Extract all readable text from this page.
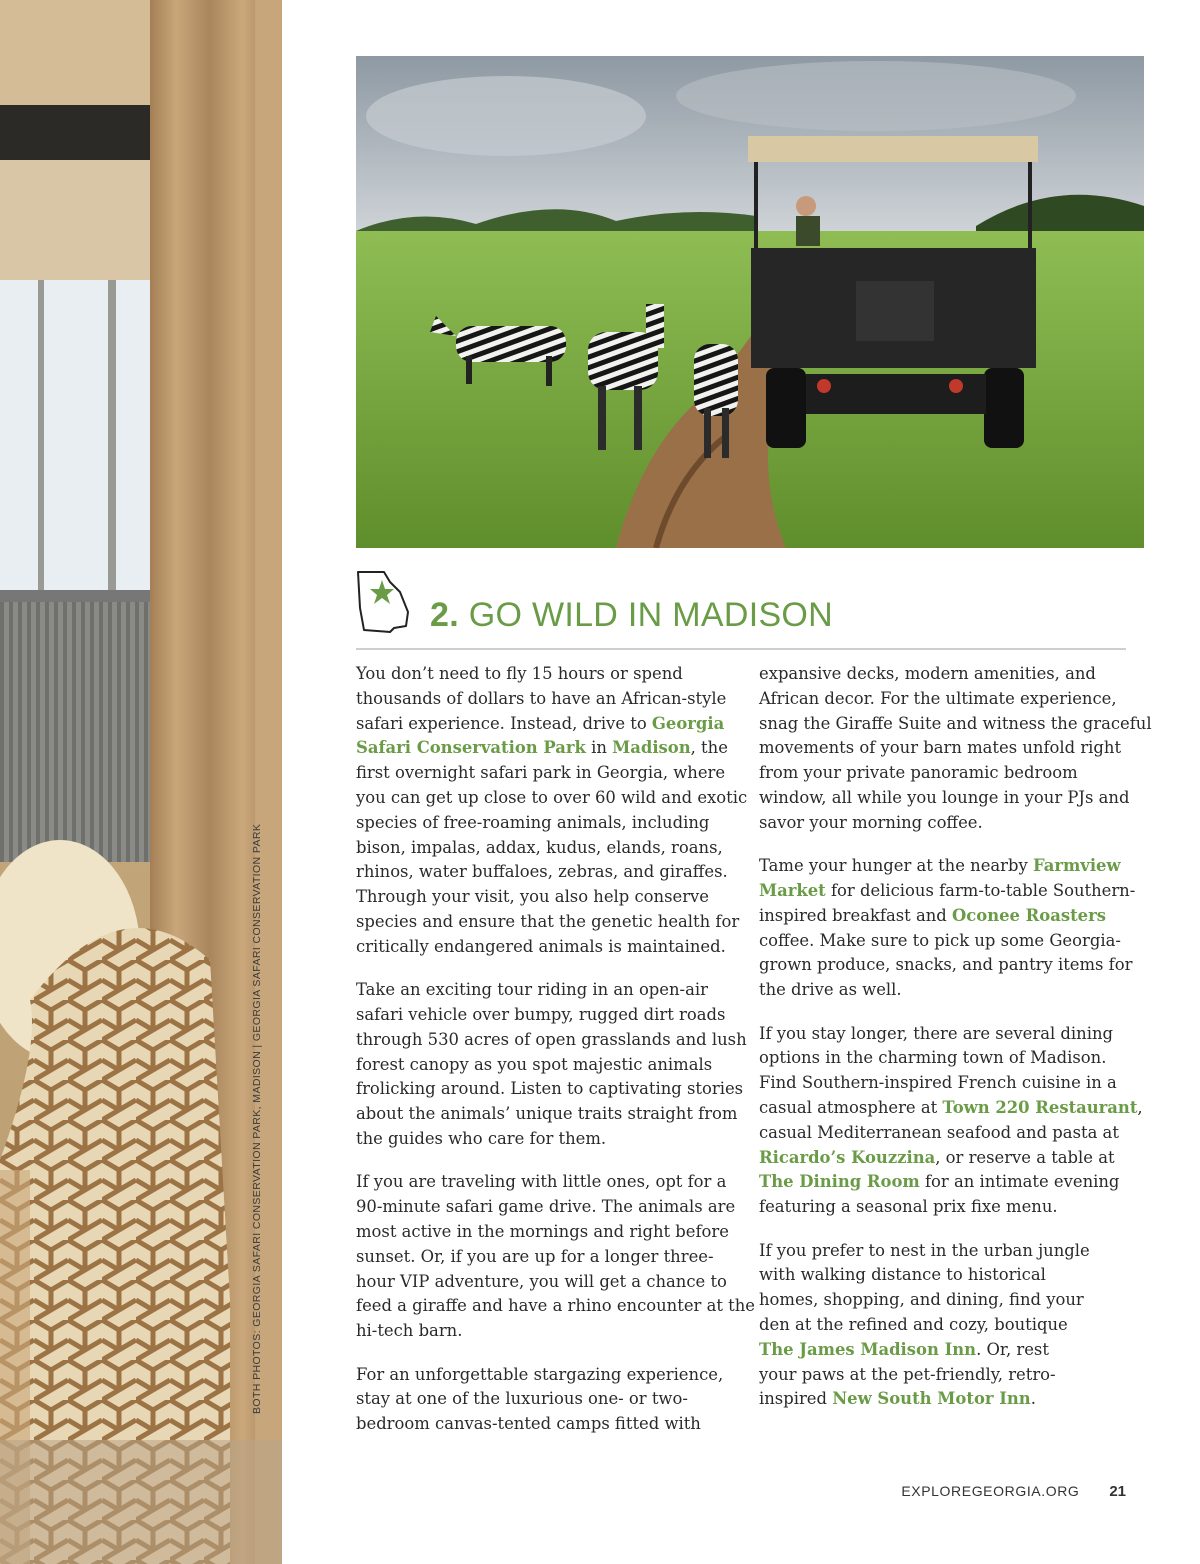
BOTH PHOTOS: GEORGIA SAFARI CONSERVATION PARK, MADISON | GEORGIA SAFARI CONSERVATION PARK
2. GO WILD IN MADISON

You don’t need to fly 15 hours or spend
thousands of dollars to have an African-style
safari experience. Instead, drive to Georgia
Safari Conservation Park in Madison, the
first overnight safari park in Georgia, where
you can get up close to over 60 wild and exotic
species of free-roaming animals, including
bison, impalas, addax, kudus, elands, roans,
rhinos, water buffaloes, zebras, and giraffes.
Through your visit, you also help conserve
species and ensure that the genetic health for
critically endangered animals is maintained.

Take an exciting tour riding in an open-air
safari vehicle over bumpy, rugged dirt roads
through 530 acres of open grasslands and lush
forest canopy as you spot majestic animals
frolicking around. Listen to captivating stories
about the animals’ unique traits straight from
the guides who care for them.

If you are traveling with little ones, opt for a
90-minute safari game drive. The animals are
most active in the mornings and right before
sunset. Or, if you are up for a longer three-
hour VIP adventure, you will get a chance to
feed a giraffe and have a rhino encounter at the
hi-tech barn.

For an unforgettable stargazing experience,
stay at one of the luxurious one- or two-
bedroom canvas-tented camps fitted with

expansive decks, modern amenities, and
African decor. For the ultimate experience,
snag the Giraffe Suite and witness the graceful
movements of your barn mates unfold right
from your private panoramic bedroom
window, all while you lounge in your PJs and
savor your morning coffee.

Tame your hunger at the nearby Farmview
Market for delicious farm-to-table Southern-
inspired breakfast and Oconee Roasters
coffee. Make sure to pick up some Georgia-
grown produce, snacks, and pantry items for
the drive as well.

If you stay longer, there are several dining
options in the charming town of Madison.
Find Southern-inspired French cuisine in a
casual atmosphere at Town 220 Restaurant,
casual Mediterranean seafood and pasta at
Ricardo’s Kouzzina, or reserve a table at
The Dining Room for an intimate evening
featuring a seasonal prix fixe menu.

If you prefer to nest in the urban jungle
with walking distance to historical
homes, shopping, and dining, find your
den at the refined and cozy, boutique
The James Madison Inn. Or, rest
your paws at the pet-friendly, retro-
inspired New South Motor Inn.

EXPLOREGEORGIA.ORG 21
